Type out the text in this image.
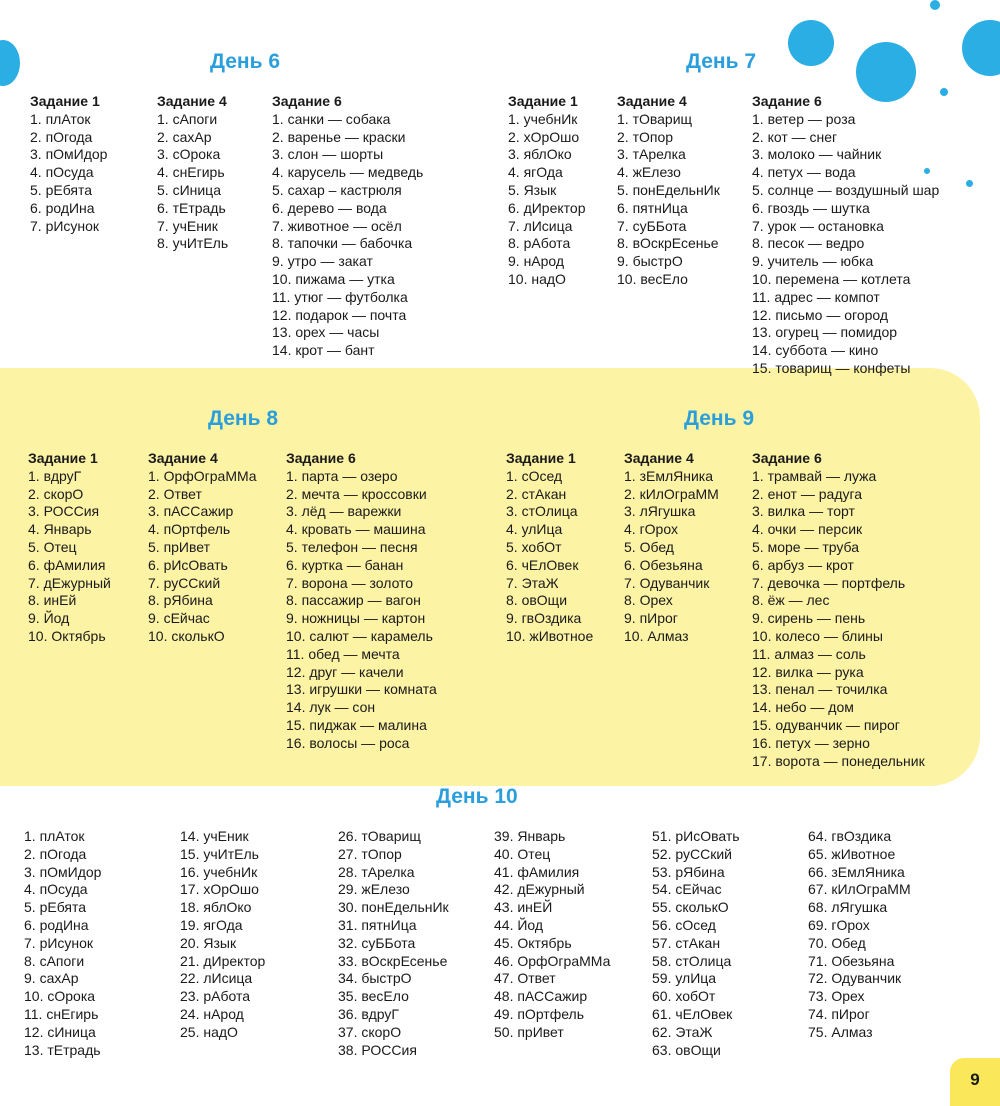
День 6
Задание 1
1. плАток
2. пОгода
3. пОмИдор
4. пОсуда
5. рЕбята
6. родИна
7. рИсунок
Задание 4
1. сАпоги
2. сахАр
3. сОрока
4. снЕгирь
5. сИница
6. тЕтрадь
7. учЕник
8. учИтЕль
Задание 6
1. санки — собака
2. варенье — краски
3. слон — шорты
4. карусель — медведь
5. сахар – кастрюля
6. дерево — вода
7. животное — осёл
8. тапочки — бабочка
9. утро — закат
10. пижама — утка
11. утюг — футболка
12. подарок — почта
13. орех — часы
14. крот — бант
День 7
Задание 1
1. учебнИк
2. хОрОшо
3. яблОко
4. ягОда
5. Язык
6. дИректор
7. лИсица
8. рАбота
9. нАрод
10. надО
Задание 4
1. тОварищ
2. тОпор
3. тАрелка
4. жЕлезо
5. понЕдельнИк
6. пятнИца
7. суББота
8. вОскрЕсенье
9. быстрО
10. весЕло
Задание 6
1. ветер — роза
2. кот — снег
3. молоко — чайник
4. петух — вода
5. солнце — воздушный шар
6. гвоздь — шутка
7. урок — остановка
8. песок — ведро
9. учитель — юбка
10. перемена — котлета
11. адрес — компот
12. письмо — огород
13. огурец — помидор
14. суббота — кино
15. товарищ — конфеты
День 8
Задание 1
1. вдруГ
2. скорО
3. РОССия
4. Январь
5. Отец
6. фАмилия
7. дЕжурный
8. инЕй
9. Йод
10. Октябрь
Задание 4
1. ОрфОграММа
2. Ответ
3. пАССажир
4. пОртфель
5. прИвет
6. рИсОвать
7. руССкий
8. рЯбина
9. сЕйчас
10. сколькО
Задание 6
1. парта — озеро
2. мечта — кроссовки
3. лёд — варежки
4. кровать — машина
5. телефон — песня
6. куртка — банан
7. ворона — золото
8. пассажир — вагон
9. ножницы — картон
10. салют — карамель
11. обед — мечта
12. друг — качели
13. игрушки — комната
14. лук — сон
15. пиджак — малина
16. волосы — роса
День 9
Задание 1
1. сОсед
2. стАкан
3. стОлица
4. улИца
5. хобОт
6. чЕлОвек
7. ЭтаЖ
8. овОщи
9. гвОздика
10. жИвотное
Задание 4
1. зЕмлЯника
2. кИлОграММ
3. лЯгушка
4. гОрох
5. Обед
6. Обезьяна
7. Одуванчик
8. Орех
9. пИрог
10. Алмаз
Задание 6
1. трамвай — лужа
2. енот — радуга
3. вилка — торт
4. очки — персик
5. море — труба
6. арбуз — крот
7. девочка — портфель
8. ёж — лес
9. сирень — пень
10. колесо — блины
11. алмаз — соль
12. вилка — рука
13. пенал — точилка
14. небо — дом
15. одуванчик — пирог
16. петух — зерно
17. ворота — понедельник
День 10
1. плАток
2. пОгода
3. пОмИдор
4. пОсуда
5. рЕбята
6. родИна
7. рИсунок
8. сАпоги
9. сахАр
10. сОрока
11. снЕгирь
12. сИница
13. тЕтрадь
14. учЕник
15. учИтЕль
16. учебнИк
17. хОрОшо
18. яблОко
19. ягОда
20. Язык
21. дИректор
22. лИсица
23. рАбота
24. нАрод
25. надО
26. тОварищ
27. тОпор
28. тАрелка
29. жЕлезо
30. понЕдельнИк
31. пятнИца
32. суББота
33. вОскрЕсенье
34. быстрО
35. весЕло
36. вдруГ
37. скорО
38. РОССия
39. Январь
40. Отец
41. фАмилия
42. дЕжурный
43. инЕЙ
44. Йод
45. Октябрь
46. ОрфОграММа
47. Ответ
48. пАССажир
49. пОртфель
50. прИвет
51. рИсОвать
52. руССкий
53. рЯбина
54. сЕйчас
55. сколькО
56. сОсед
57. стАкан
58. стОлица
59. улИца
60. хобОт
61. чЕлОвек
62. ЭтаЖ
63. овОщи
64. гвОздика
65. жИвотное
66. зЕмлЯника
67. кИлОграММ
68. лЯгушка
69. гОрох
70. Обед
71. Обезьяна
72. Одуванчик
73. Орех
74. пИрог
75. Алмаз
9
